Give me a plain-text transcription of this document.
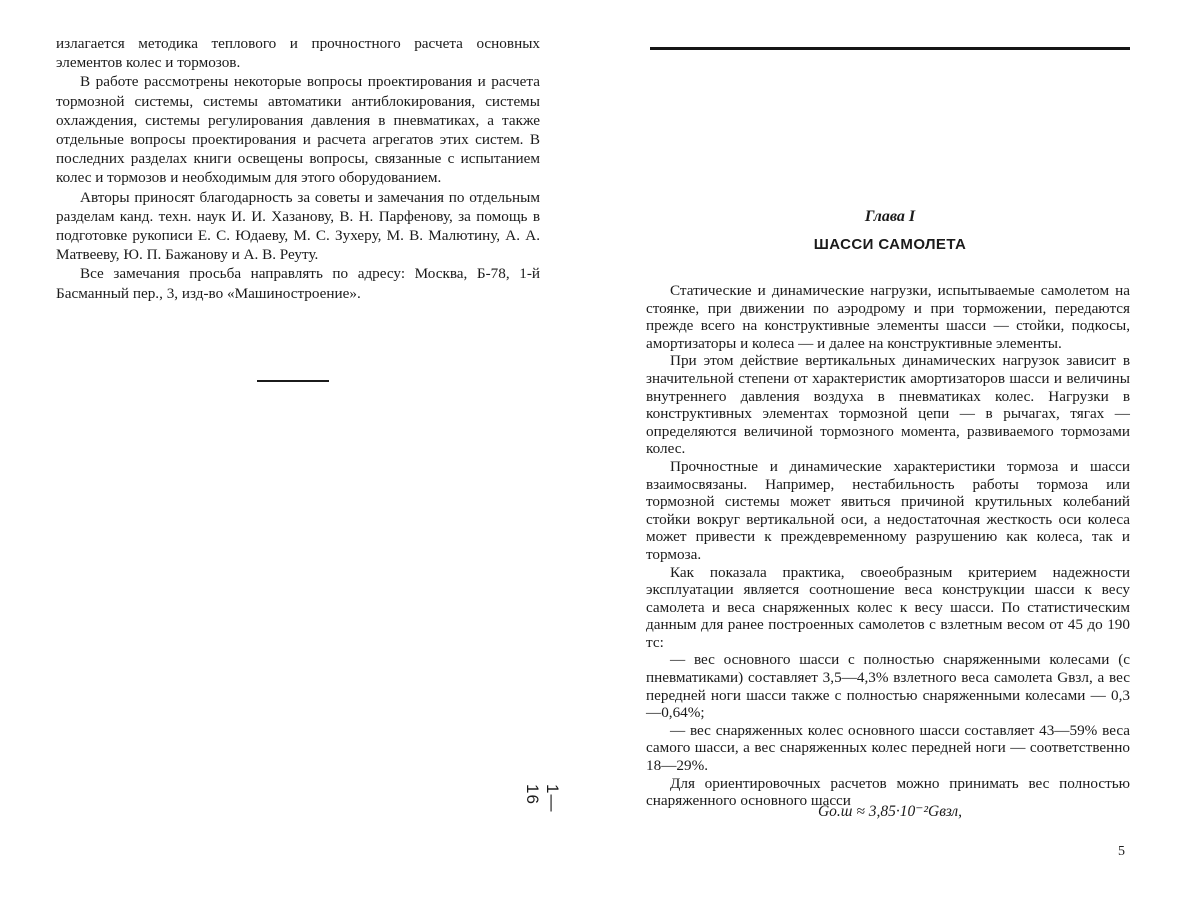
излагается методика теплового и прочностного расчета основных элементов колес и тормозов.

В работе рассмотрены некоторые вопросы проектирования и расчета тормозной системы, системы автоматики антиблокирования, системы охлаждения, системы регулирования давления в пневматиках, а также отдельные вопросы проектирования и расчета агрегатов этих систем. В последних разделах книги освещены вопросы, связанные с испытанием колес и тормозов и необходимым для этого оборудованием.

Авторы приносят благодарность за советы и замечания по отдельным разделам канд. техн. наук И. И. Хазанову, В. Н. Парфенову, за помощь в подготовке рукописи Е. С. Юдаеву, М. С. Зухеру, М. В. Малютину, А. А. Матвееву, Ю. П. Бажанову и А. В. Реуту.

Все замечания просьба направлять по адресу: Москва, Б-78, 1-й Басманный пер., 3, изд-во «Машиностроение».

1—16
Глава I
ШАССИ САМОЛЕТА

Статические и динамические нагрузки, испытываемые самолетом на стоянке, при движении по аэродрому и при торможении, передаются прежде всего на конструктивные элементы шасси — стойки, подкосы, амортизаторы и колеса — и далее на конструктивные элементы.

При этом действие вертикальных динамических нагрузок зависит в значительной степени от характеристик амортизаторов шасси и величины внутреннего давления воздуха в пневматиках колес. Нагрузки в конструктивных элементах тормозной цепи — в рычагах, тягах — определяются величиной тормозного момента, развиваемого тормозами колес.

Прочностные и динамические характеристики тормоза и шасси взаимосвязаны. Например, нестабильность работы тормоза или тормозной системы может явиться причиной крутильных колебаний стойки вокруг вертикальной оси, а недостаточная жесткость оси колеса может привести к преждевременному разрушению как колеса, так и тормоза.

Как показала практика, своеобразным критерием надежности эксплуатации является соотношение веса конструкции шасси к весу самолета и веса снаряженных колес к весу шасси. По статистическим данным для ранее построенных самолетов с взлетным весом от 45 до 190 тс:

— вес основного шасси с полностью снаряженными колесами (с пневматиками) составляет 3,5—4,3% взлетного веса самолета Gвзл, а вес передней ноги шасси также с полностью снаряженными колесами — 0,3—0,64%;

— вес снаряженных колес основного шасси составляет 43—59% веса самого шасси, а вес снаряженных колес передней ноги — соответственно 18—29%.

Для ориентировочных расчетов можно принимать вес полностью снаряженного основного шасси

Gо.ш ≈ 3,85·10⁻²Gвзл,
5
